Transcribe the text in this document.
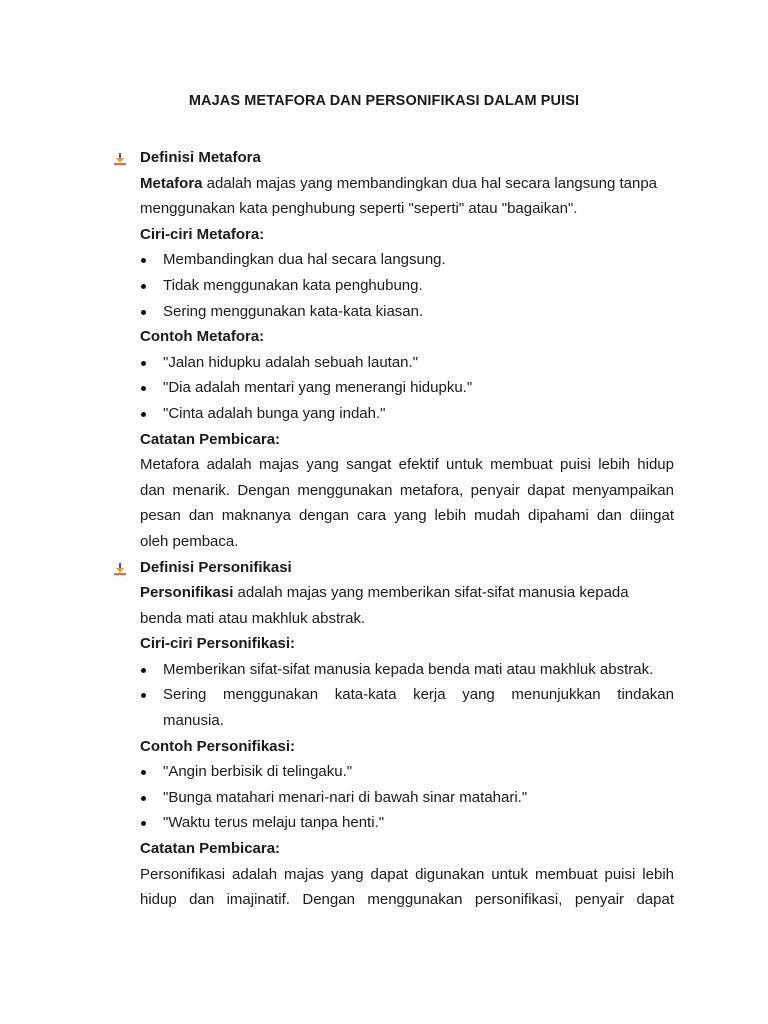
MAJAS METAFORA DAN PERSONIFIKASI DALAM PUISI
Definisi Metafora
Metafora adalah majas yang membandingkan dua hal secara langsung tanpa
menggunakan kata penghubung seperti "seperti" atau "bagaikan".
Ciri-ciri Metafora:
Membandingkan dua hal secara langsung.
Tidak menggunakan kata penghubung.
Sering menggunakan kata-kata kiasan.
Contoh Metafora:
"Jalan hidupku adalah sebuah lautan."
"Dia adalah mentari yang menerangi hidupku."
"Cinta adalah bunga yang indah."
Catatan Pembicara:
Metafora adalah majas yang sangat efektif untuk membuat puisi lebih hidup
dan menarik. Dengan menggunakan metafora, penyair dapat menyampaikan
pesan dan maknanya dengan cara yang lebih mudah dipahami dan diingat
oleh pembaca.
Definisi Personifikasi
Personifikasi adalah majas yang memberikan sifat-sifat manusia kepada
benda mati atau makhluk abstrak.
Ciri-ciri Personifikasi:
Memberikan sifat-sifat manusia kepada benda mati atau makhluk abstrak.
Sering menggunakan kata-kata kerja yang menunjukkan tindakan
manusia.
Contoh Personifikasi:
"Angin berbisik di telingaku."
"Bunga matahari menari-nari di bawah sinar matahari."
"Waktu terus melaju tanpa henti."
Catatan Pembicara:
Personifikasi adalah majas yang dapat digunakan untuk membuat puisi lebih
hidup dan imajinatif. Dengan menggunakan personifikasi, penyair dapat
